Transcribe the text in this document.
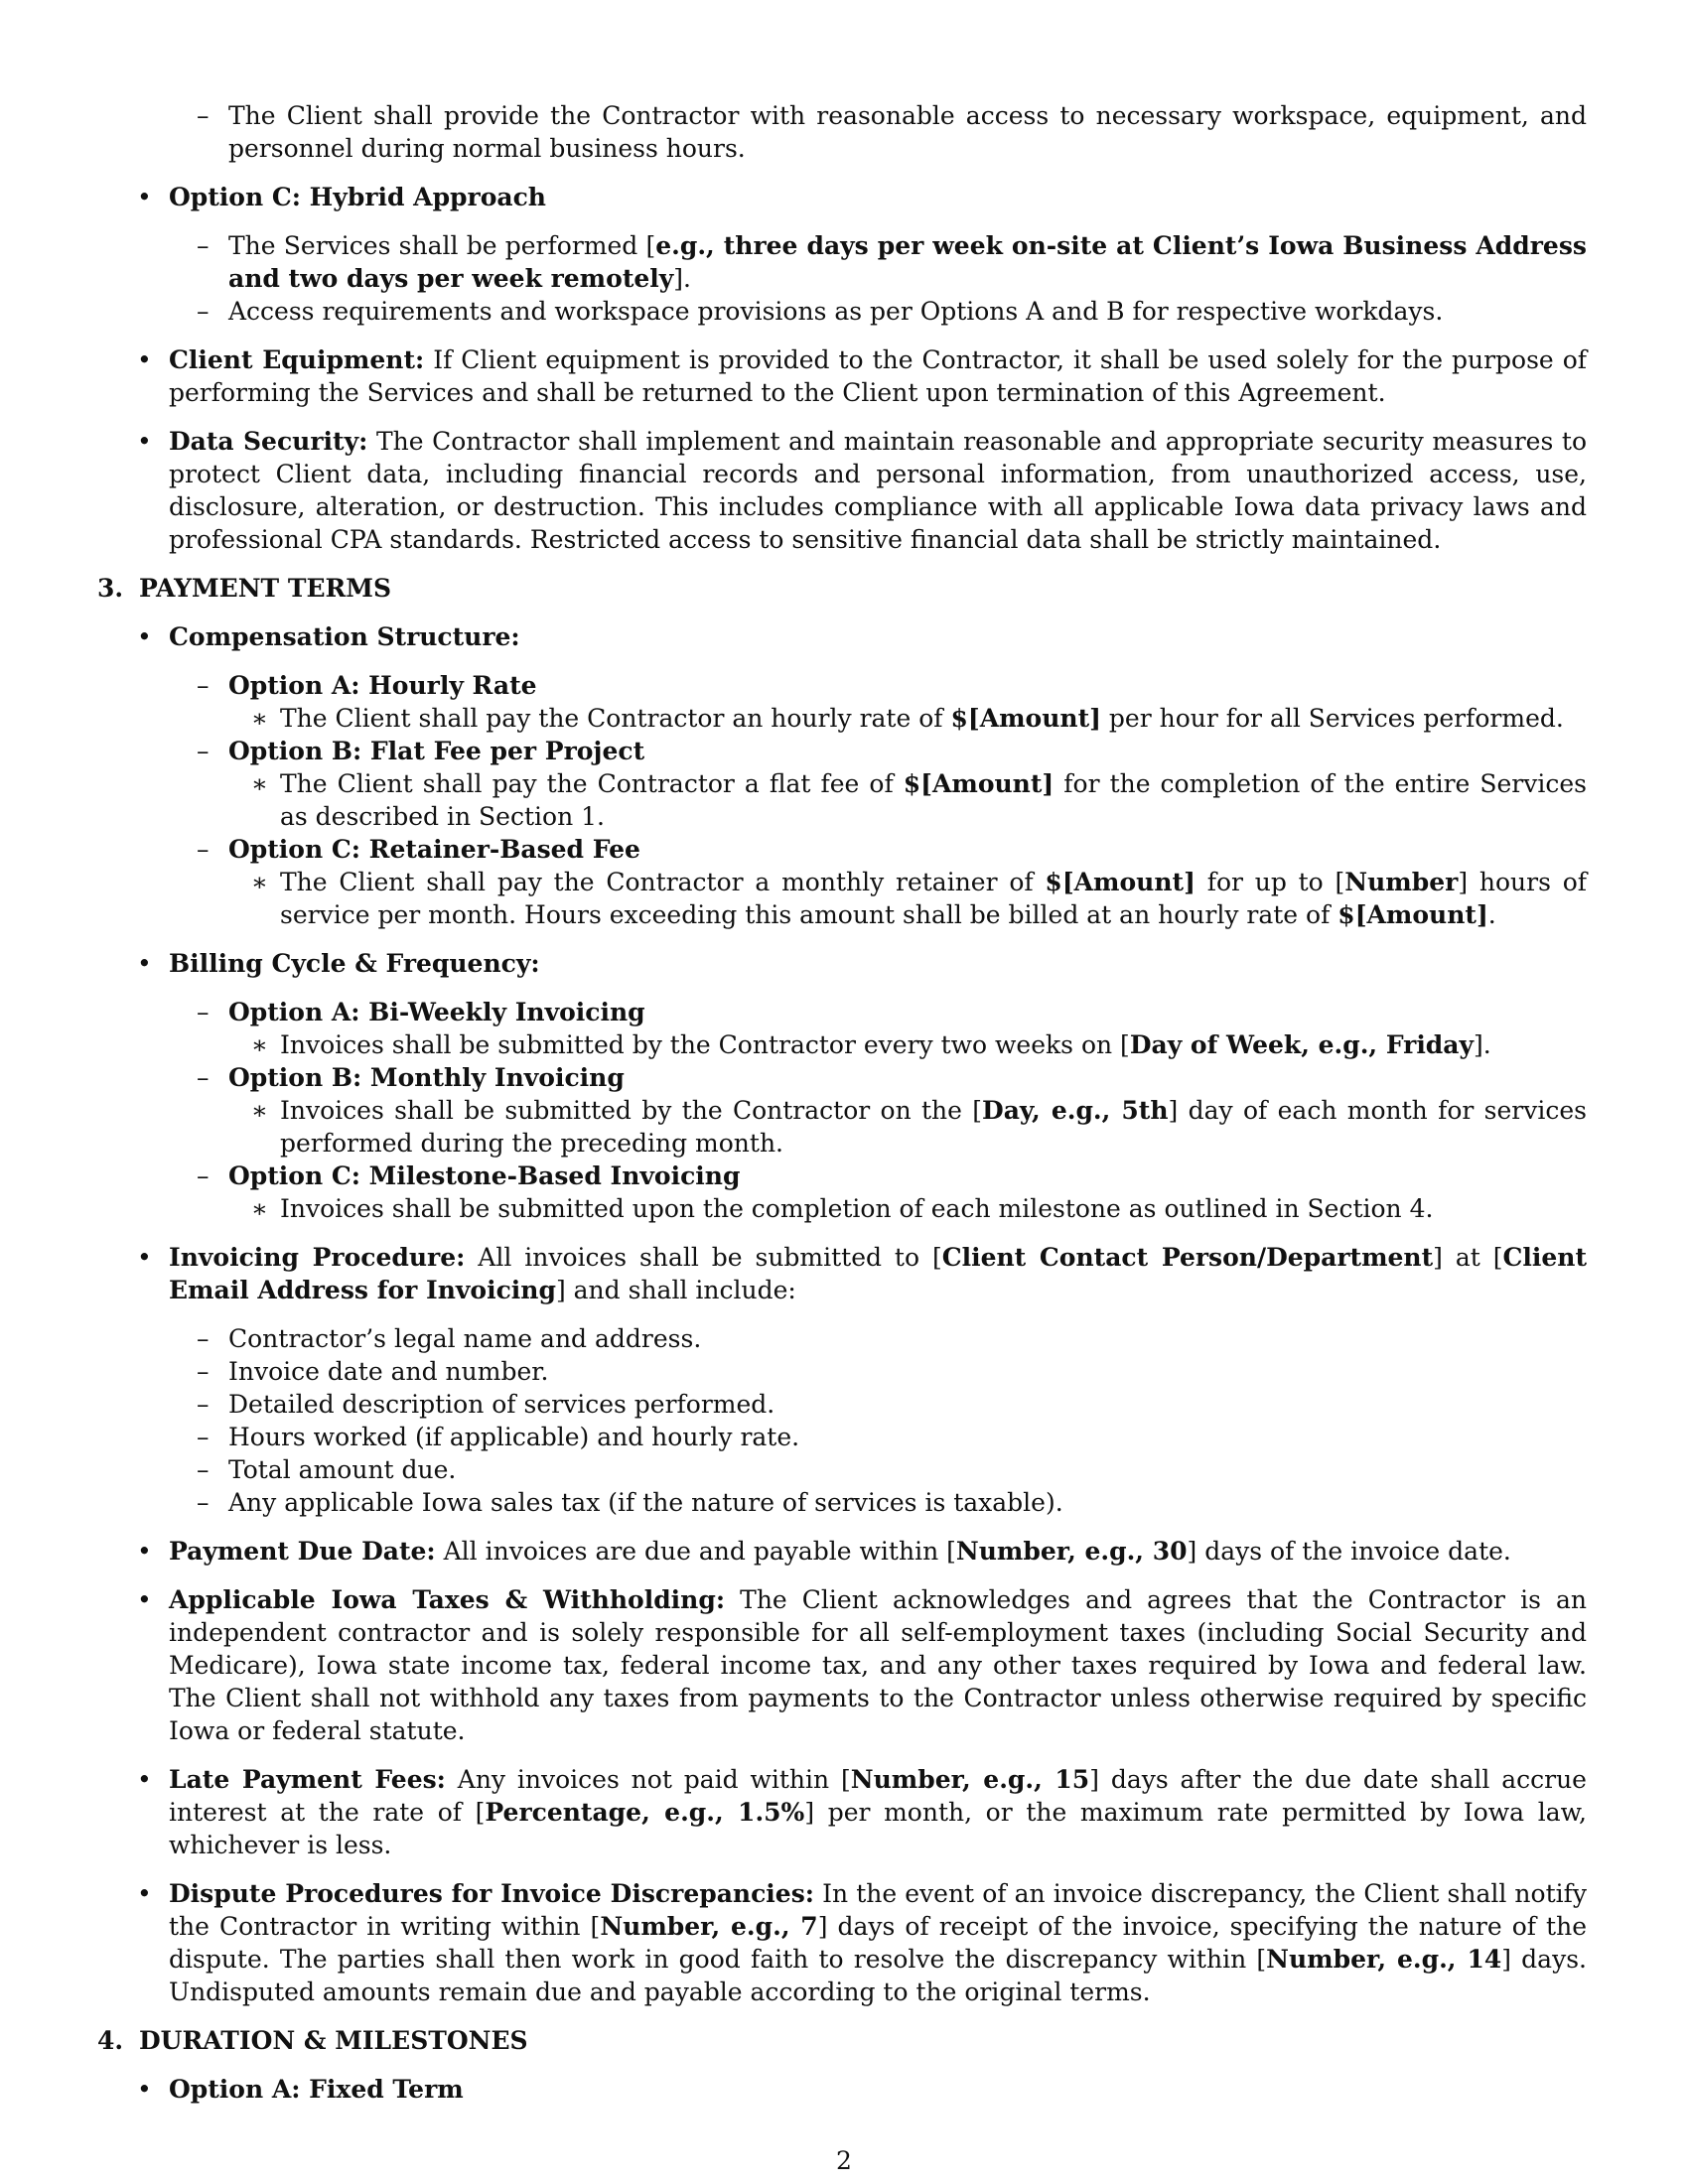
– The Client shall provide the Contractor with reasonable access to necessary workspace, equipment, and personnel during normal business hours.
• Option C: Hybrid Approach
– The Services shall be performed [e.g., three days per week on-site at Client’s Iowa Business Address and two days per week remotely].
– Access requirements and workspace provisions as per Options A and B for respective workdays.
• Client Equipment: If Client equipment is provided to the Contractor, it shall be used solely for the purpose of performing the Services and shall be returned to the Client upon termination of this Agreement.
• Data Security: The Contractor shall implement and maintain reasonable and appropriate security measures to protect Client data, including financial records and personal information, from unauthorized access, use, disclosure, alteration, or destruction. This includes compliance with all applicable Iowa data privacy laws and professional CPA standards. Restricted access to sensitive financial data shall be strictly maintained.
3. PAYMENT TERMS
• Compensation Structure:
– Option A: Hourly Rate
∗ The Client shall pay the Contractor an hourly rate of $[Amount] per hour for all Services performed.
– Option B: Flat Fee per Project
∗ The Client shall pay the Contractor a flat fee of $[Amount] for the completion of the entire Services as described in Section 1.
– Option C: Retainer-Based Fee
∗ The Client shall pay the Contractor a monthly retainer of $[Amount] for up to [Number] hours of service per month. Hours exceeding this amount shall be billed at an hourly rate of $[Amount].
• Billing Cycle & Frequency:
– Option A: Bi-Weekly Invoicing
∗ Invoices shall be submitted by the Contractor every two weeks on [Day of Week, e.g., Friday].
– Option B: Monthly Invoicing
∗ Invoices shall be submitted by the Contractor on the [Day, e.g., 5th] day of each month for services performed during the preceding month.
– Option C: Milestone-Based Invoicing
∗ Invoices shall be submitted upon the completion of each milestone as outlined in Section 4.
• Invoicing Procedure: All invoices shall be submitted to [Client Contact Person/Department] at [Client Email Address for Invoicing] and shall include:
– Contractor’s legal name and address.
– Invoice date and number.
– Detailed description of services performed.
– Hours worked (if applicable) and hourly rate.
– Total amount due.
– Any applicable Iowa sales tax (if the nature of services is taxable).
• Payment Due Date: All invoices are due and payable within [Number, e.g., 30] days of the invoice date.
• Applicable Iowa Taxes & Withholding: The Client acknowledges and agrees that the Contractor is an independent contractor and is solely responsible for all self-employment taxes (including Social Security and Medicare), Iowa state income tax, federal income tax, and any other taxes required by Iowa and federal law. The Client shall not withhold any taxes from payments to the Contractor unless otherwise required by specific Iowa or federal statute.
• Late Payment Fees: Any invoices not paid within [Number, e.g., 15] days after the due date shall accrue interest at the rate of [Percentage, e.g., 1.5%] per month, or the maximum rate permitted by Iowa law, whichever is less.
• Dispute Procedures for Invoice Discrepancies: In the event of an invoice discrepancy, the Client shall notify the Contractor in writing within [Number, e.g., 7] days of receipt of the invoice, specifying the nature of the dispute. The parties shall then work in good faith to resolve the discrepancy within [Number, e.g., 14] days. Undisputed amounts remain due and payable according to the original terms.
4. DURATION & MILESTONES
• Option A: Fixed Term
2
